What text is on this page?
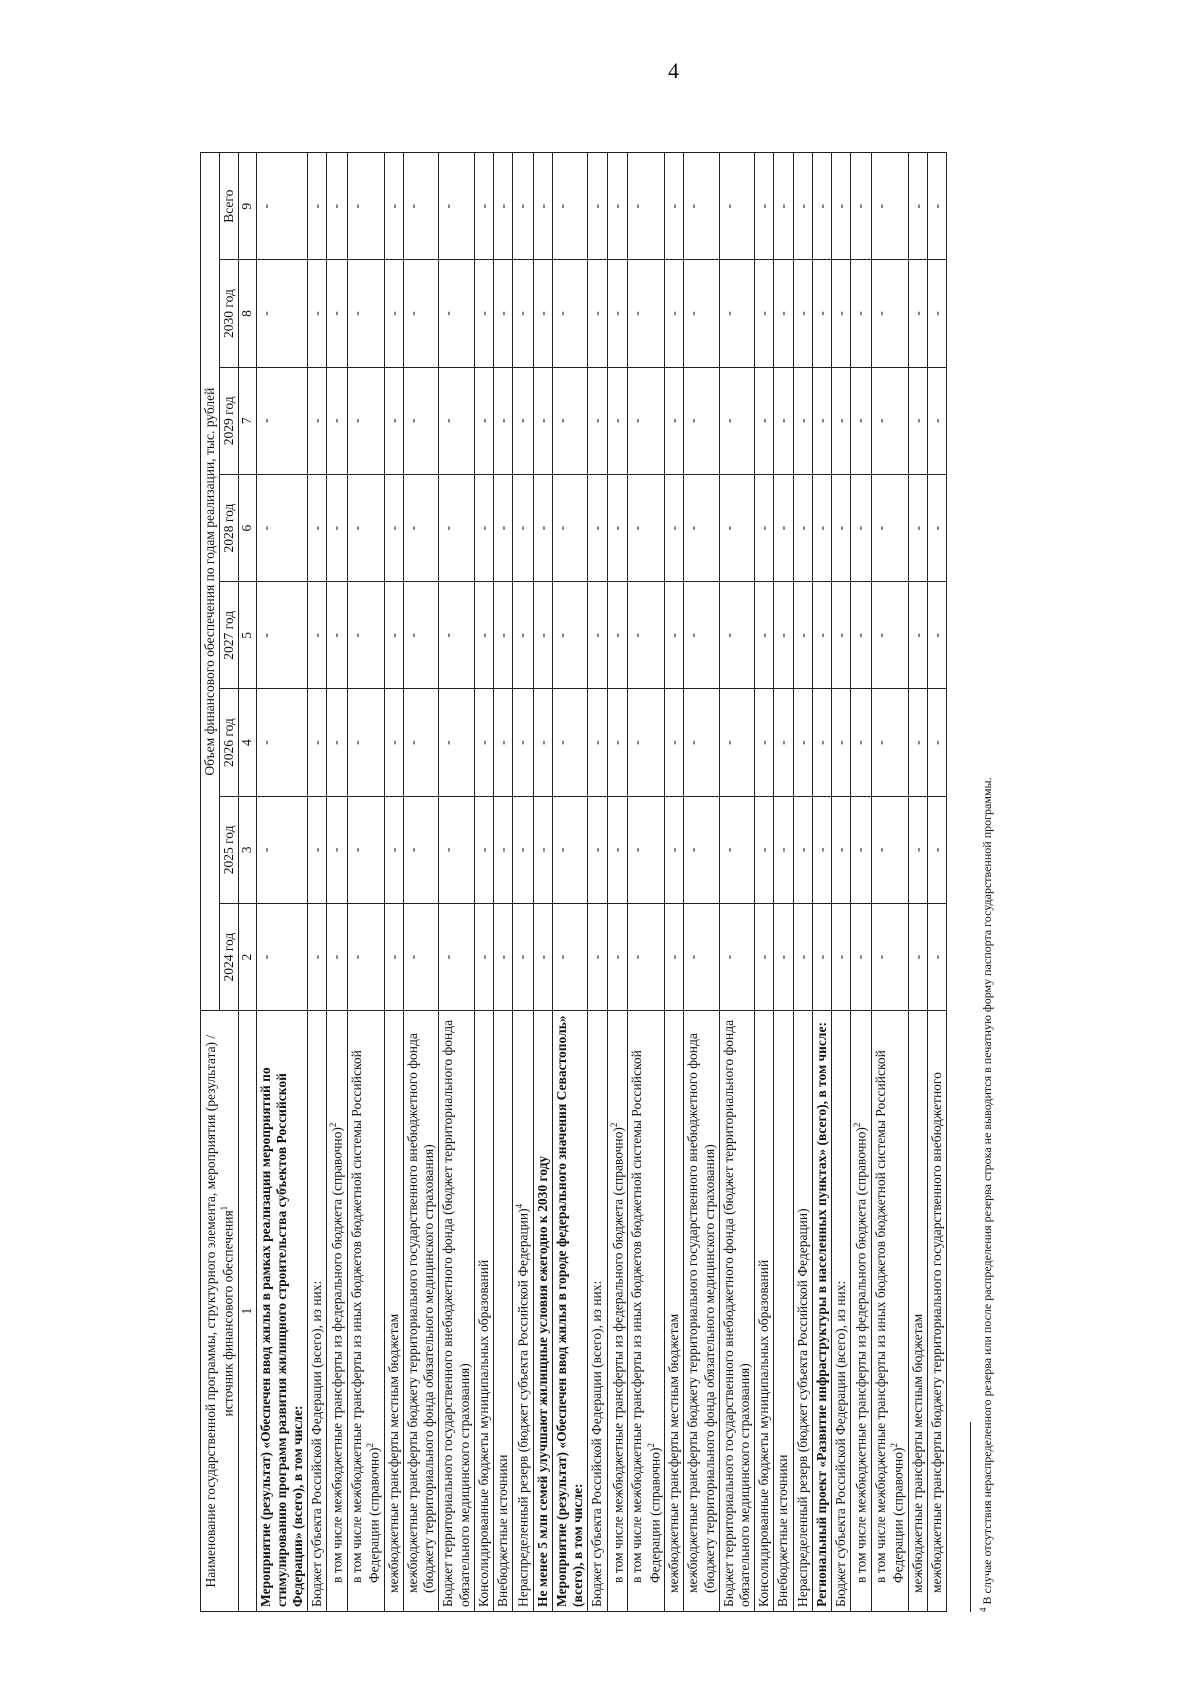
4
Наименование государственной программы, структурного элемента, мероприятия (результата) / источник финансового обеспечения$^1$	Объем финансового обеспечения по годам реализации, тыс. рублей							
	2024 год	2025 год	2026 год	2027 год	2028 год	2029 год	2030 год	Всего
1	2	3	4	5	6	7	8	9
Мероприятие (результат) «Обеспечен ввод жилья в рамках реализации мероприятий по стимулированию программ развития жилищного строительства субъектов Российской Федерации» (всего), в том числе:	-	-	-	-	-	-	-	-
Бюджет субъекта Российской Федерации (всего), из них:	-	-	-	-	-	-	-	-
в том числе межбюджетные трансферты из федерального бюджета (справочно)$^2$	-	-	-	-	-	-	-	-
в том числе межбюджетные трансферты из иных бюджетов бюджетной системы Российской Федерации (справочно)$^2$	-	-	-	-	-	-	-	-
межбюджетные трансферты местным бюджетам	-	-	-	-	-	-	-	-
межбюджетные трансферты бюджету территориального государственного внебюджетного фонда (бюджету территориального фонда обязательного медицинского страхования)	-	-	-	-	-	-	-	-
Бюджет территориального государственного внебюджетного фонда (бюджет территориального фонда обязательного медицинского страхования)	-	-	-	-	-	-	-	-
Консолидированные бюджеты муниципальных образований	-	-	-	-	-	-	-	-
Внебюджетные источники	-	-	-	-	-	-	-	-
Нераспределенный резерв (бюджет субъекта Российской Федерации)$^4$	-	-	-	-	-	-	-	-
Не менее 5 млн семей улучшают жилищные условия ежегодно к 2030 году	-	-	-	-	-	-	-	-
Мероприятие (результат) «Обеспечен ввод жилья в городе федерального значения Севастополь» (всего), в том числе:	-	-	-	-	-	-	-	-
Бюджет субъекта Российской Федерации (всего), из них:	-	-	-	-	-	-	-	-
в том числе межбюджетные трансферты из федерального бюджета (справочно)$^2$	-	-	-	-	-	-	-	-
в том числе межбюджетные трансферты из иных бюджетов бюджетной системы Российской Федерации (справочно)$^2$	-	-	-	-	-	-	-	-
межбюджетные трансферты местным бюджетам	-	-	-	-	-	-	-	-
межбюджетные трансферты бюджету территориального государственного внебюджетного фонда (бюджету территориального фонда обязательного медицинского страхования)	-	-	-	-	-	-	-	-
Бюджет территориального государственного внебюджетного фонда (бюджет территориального фонда обязательного медицинского страхования)	-	-	-	-	-	-	-	-
Консолидированные бюджеты муниципальных образований	-	-	-	-	-	-	-	-
Внебюджетные источники	-	-	-	-	-	-	-	-
Нераспределенный резерв (бюджет субъекта Российской Федерации)	-	-	-	-	-	-	-	-
Региональный проект «Развитие инфраструктуры в населенных пунктах» (всего), в том числе:	-	-	-	-	-	-	-	-
Бюджет субъекта Российской Федерации (всего), из них:	-	-	-	-	-	-	-	-
в том числе межбюджетные трансферты из федерального бюджета (справочно)$^2$	-	-	-	-	-	-	-	-
в том числе межбюджетные трансферты из иных бюджетов бюджетной системы Российской Федерации (справочно)$^2$	-	-	-	-	-	-	-	-
межбюджетные трансферты местным бюджетам	-	-	-	-	-	-	-	-
межбюджетные трансферты бюджету территориального государственного внебюджетного	-	-	-	-	-	-	-	-
$^4$ В случае отсутствия нераспределенного резерва или после распределения резерва строка не выводится в печатную форму паспорта государственной программы.
